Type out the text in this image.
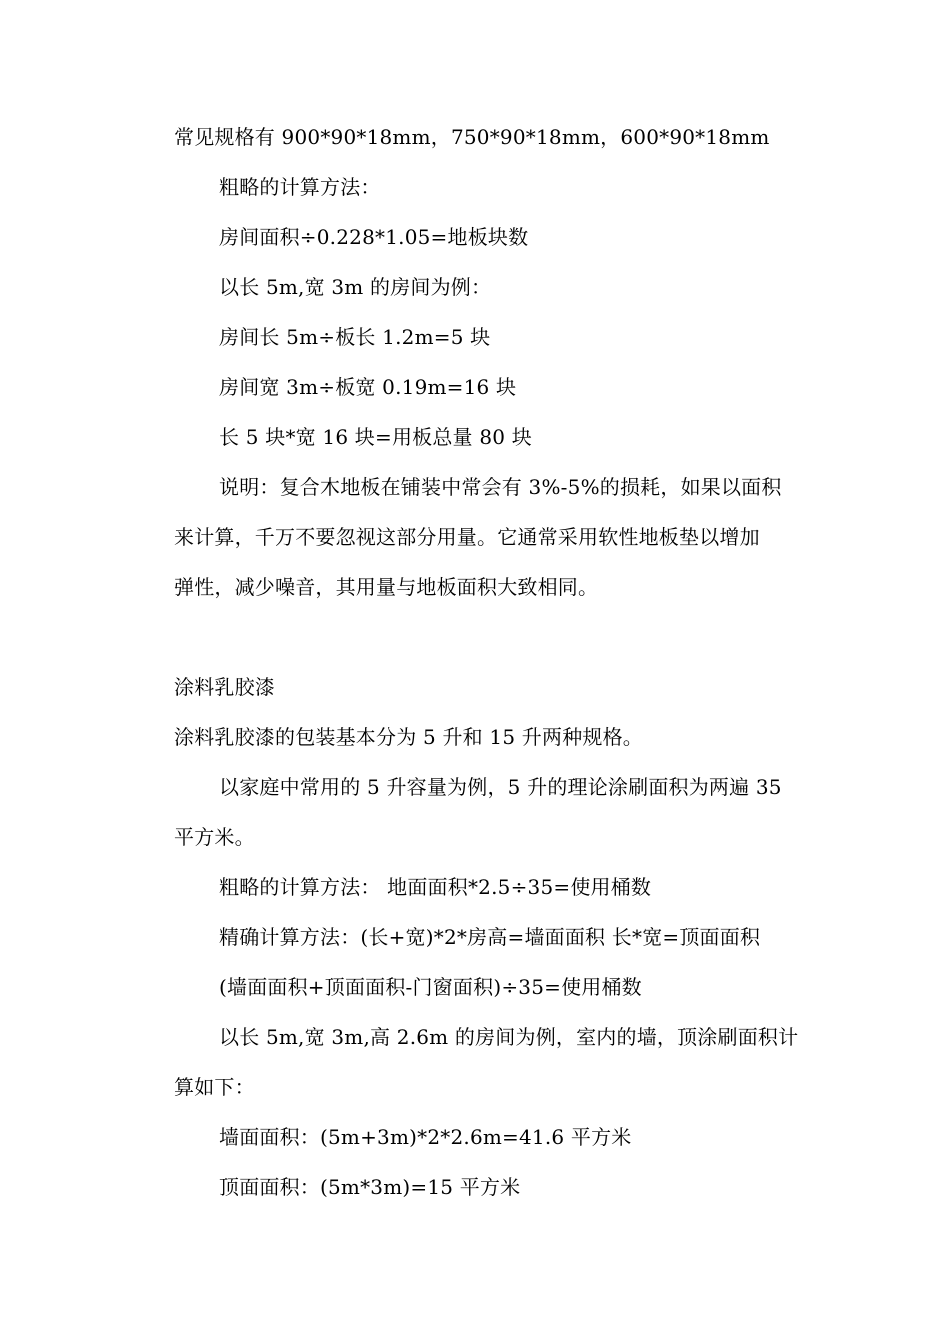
常见规格有 900*90*18mm，750*90*18mm，600*90*18mm
粗略的计算方法：
房间面积÷0.228*1.05=地板块数
以长 5m,宽 3m 的房间为例：
房间长 5m÷板长 1.2m=5 块
房间宽 3m÷板宽 0.19m=16 块
长 5 块*宽 16 块=用板总量 80 块
说明：复合木地板在铺装中常会有 3%-5%的损耗，如果以面积
来计算，千万不要忽视这部分用量。它通常采用软性地板垫以增加
弹性，减少噪音，其用量与地板面积大致相同。
涂料乳胶漆
涂料乳胶漆的包装基本分为 5 升和 15 升两种规格。
以家庭中常用的 5 升容量为例，5 升的理论涂刷面积为两遍 35
平方米。
粗略的计算方法： 地面面积*2.5÷35=使用桶数
精确计算方法：(长+宽)*2*房高=墙面面积 长*宽=顶面面积
(墙面面积+顶面面积-门窗面积)÷35=使用桶数
以长 5m,宽 3m,高 2.6m 的房间为例，室内的墙，顶涂刷面积计
算如下：
墙面面积：(5m+3m)*2*2.6m=41.6 平方米
顶面面积：(5m*3m)=15 平方米
